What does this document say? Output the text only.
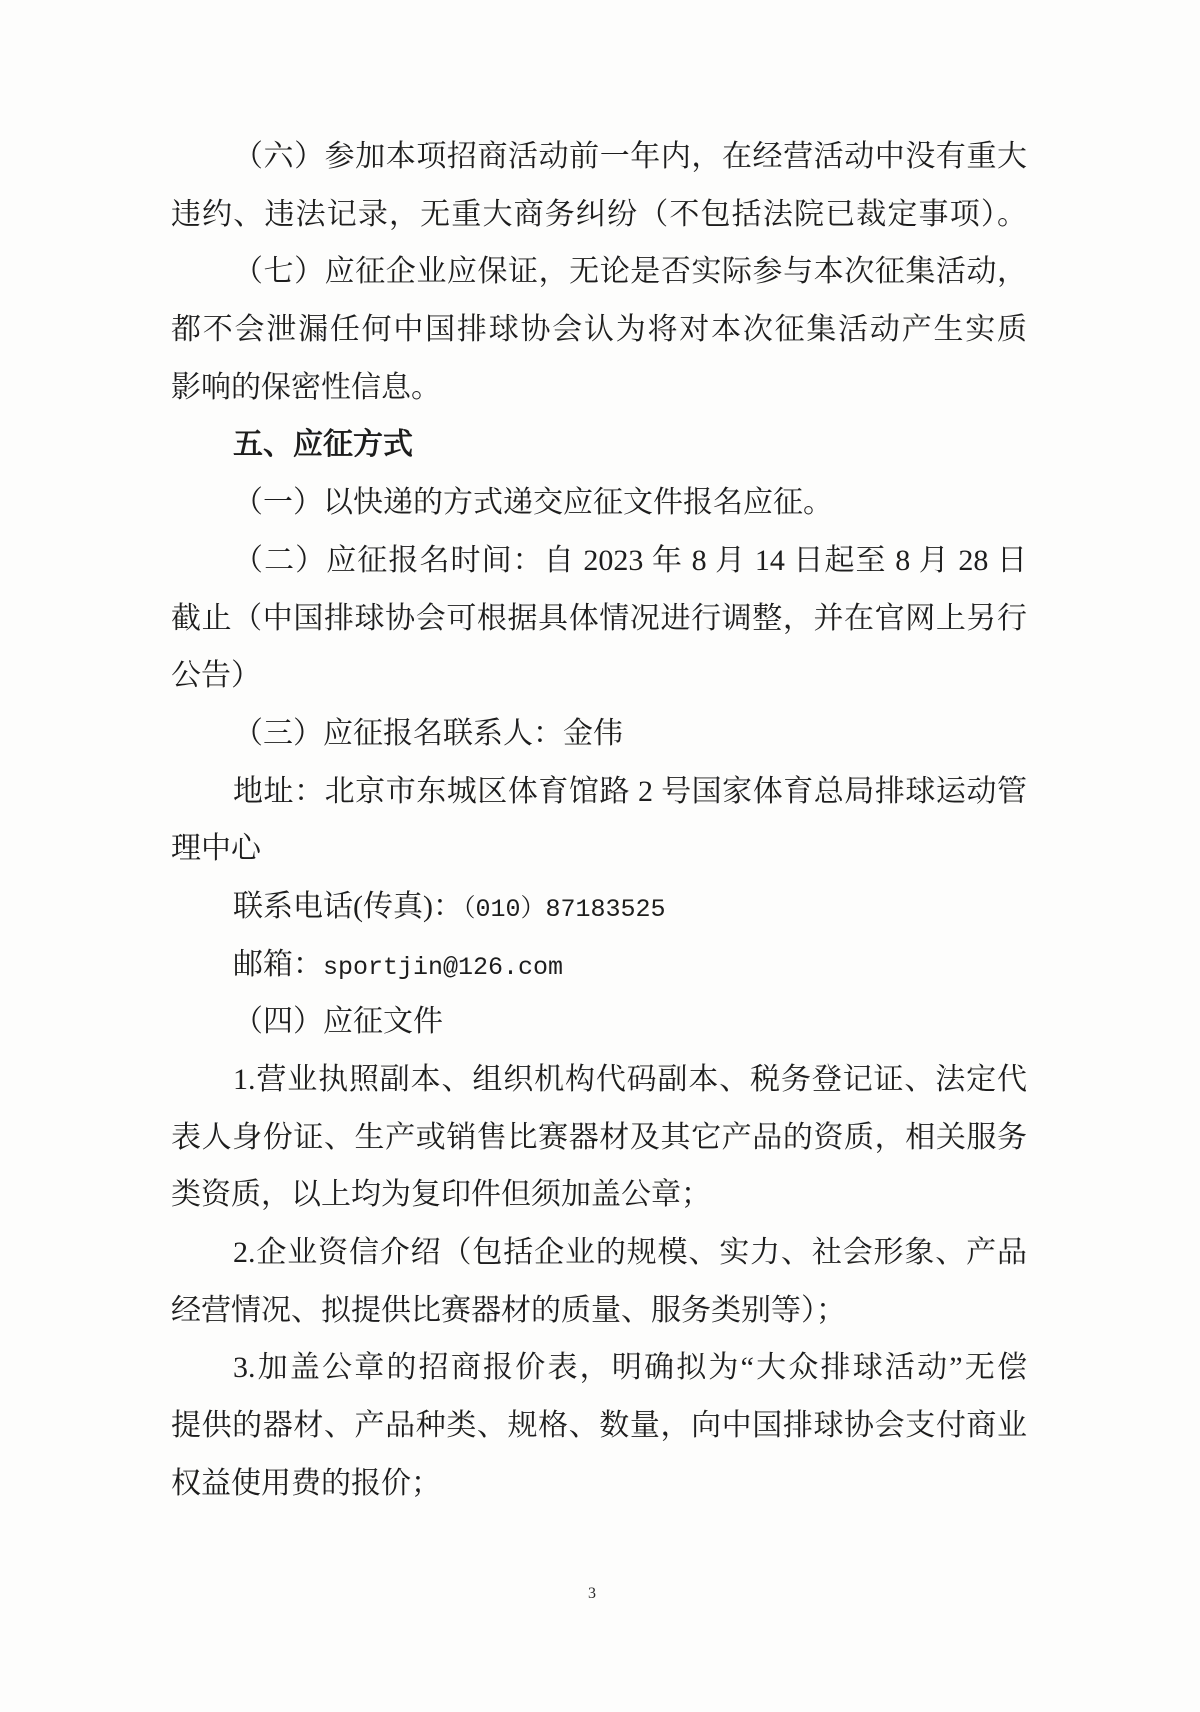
（六）参加本项招商活动前一年内，在经营活动中没有重大
违约、违法记录，无重大商务纠纷（不包括法院已裁定事项）。
（七）应征企业应保证，无论是否实际参与本次征集活动，
都不会泄漏任何中国排球协会认为将对本次征集活动产生实质
影响的保密性信息。
五、应征方式
（一）以快递的方式递交应征文件报名应征。
（二）应征报名时间：自 2023 年 8 月 14 日起至 8 月 28 日
截止（中国排球协会可根据具体情况进行调整，并在官网上另行
公告）
（三）应征报名联系人：金伟
地址：北京市东城区体育馆路 2 号国家体育总局排球运动管
理中心
联系电话(传真)：（010）87183525
邮箱：sportjin@126.com
（四）应征文件
1.营业执照副本、组织机构代码副本、税务登记证、法定代
表人身份证、生产或销售比赛器材及其它产品的资质，相关服务
类资质，以上均为复印件但须加盖公章；
2.企业资信介绍（包括企业的规模、实力、社会形象、产品
经营情况、拟提供比赛器材的质量、服务类别等）；
3.加盖公章的招商报价表，明确拟为“大众排球活动”无偿
提供的器材、产品种类、规格、数量，向中国排球协会支付商业
权益使用费的报价；
3
